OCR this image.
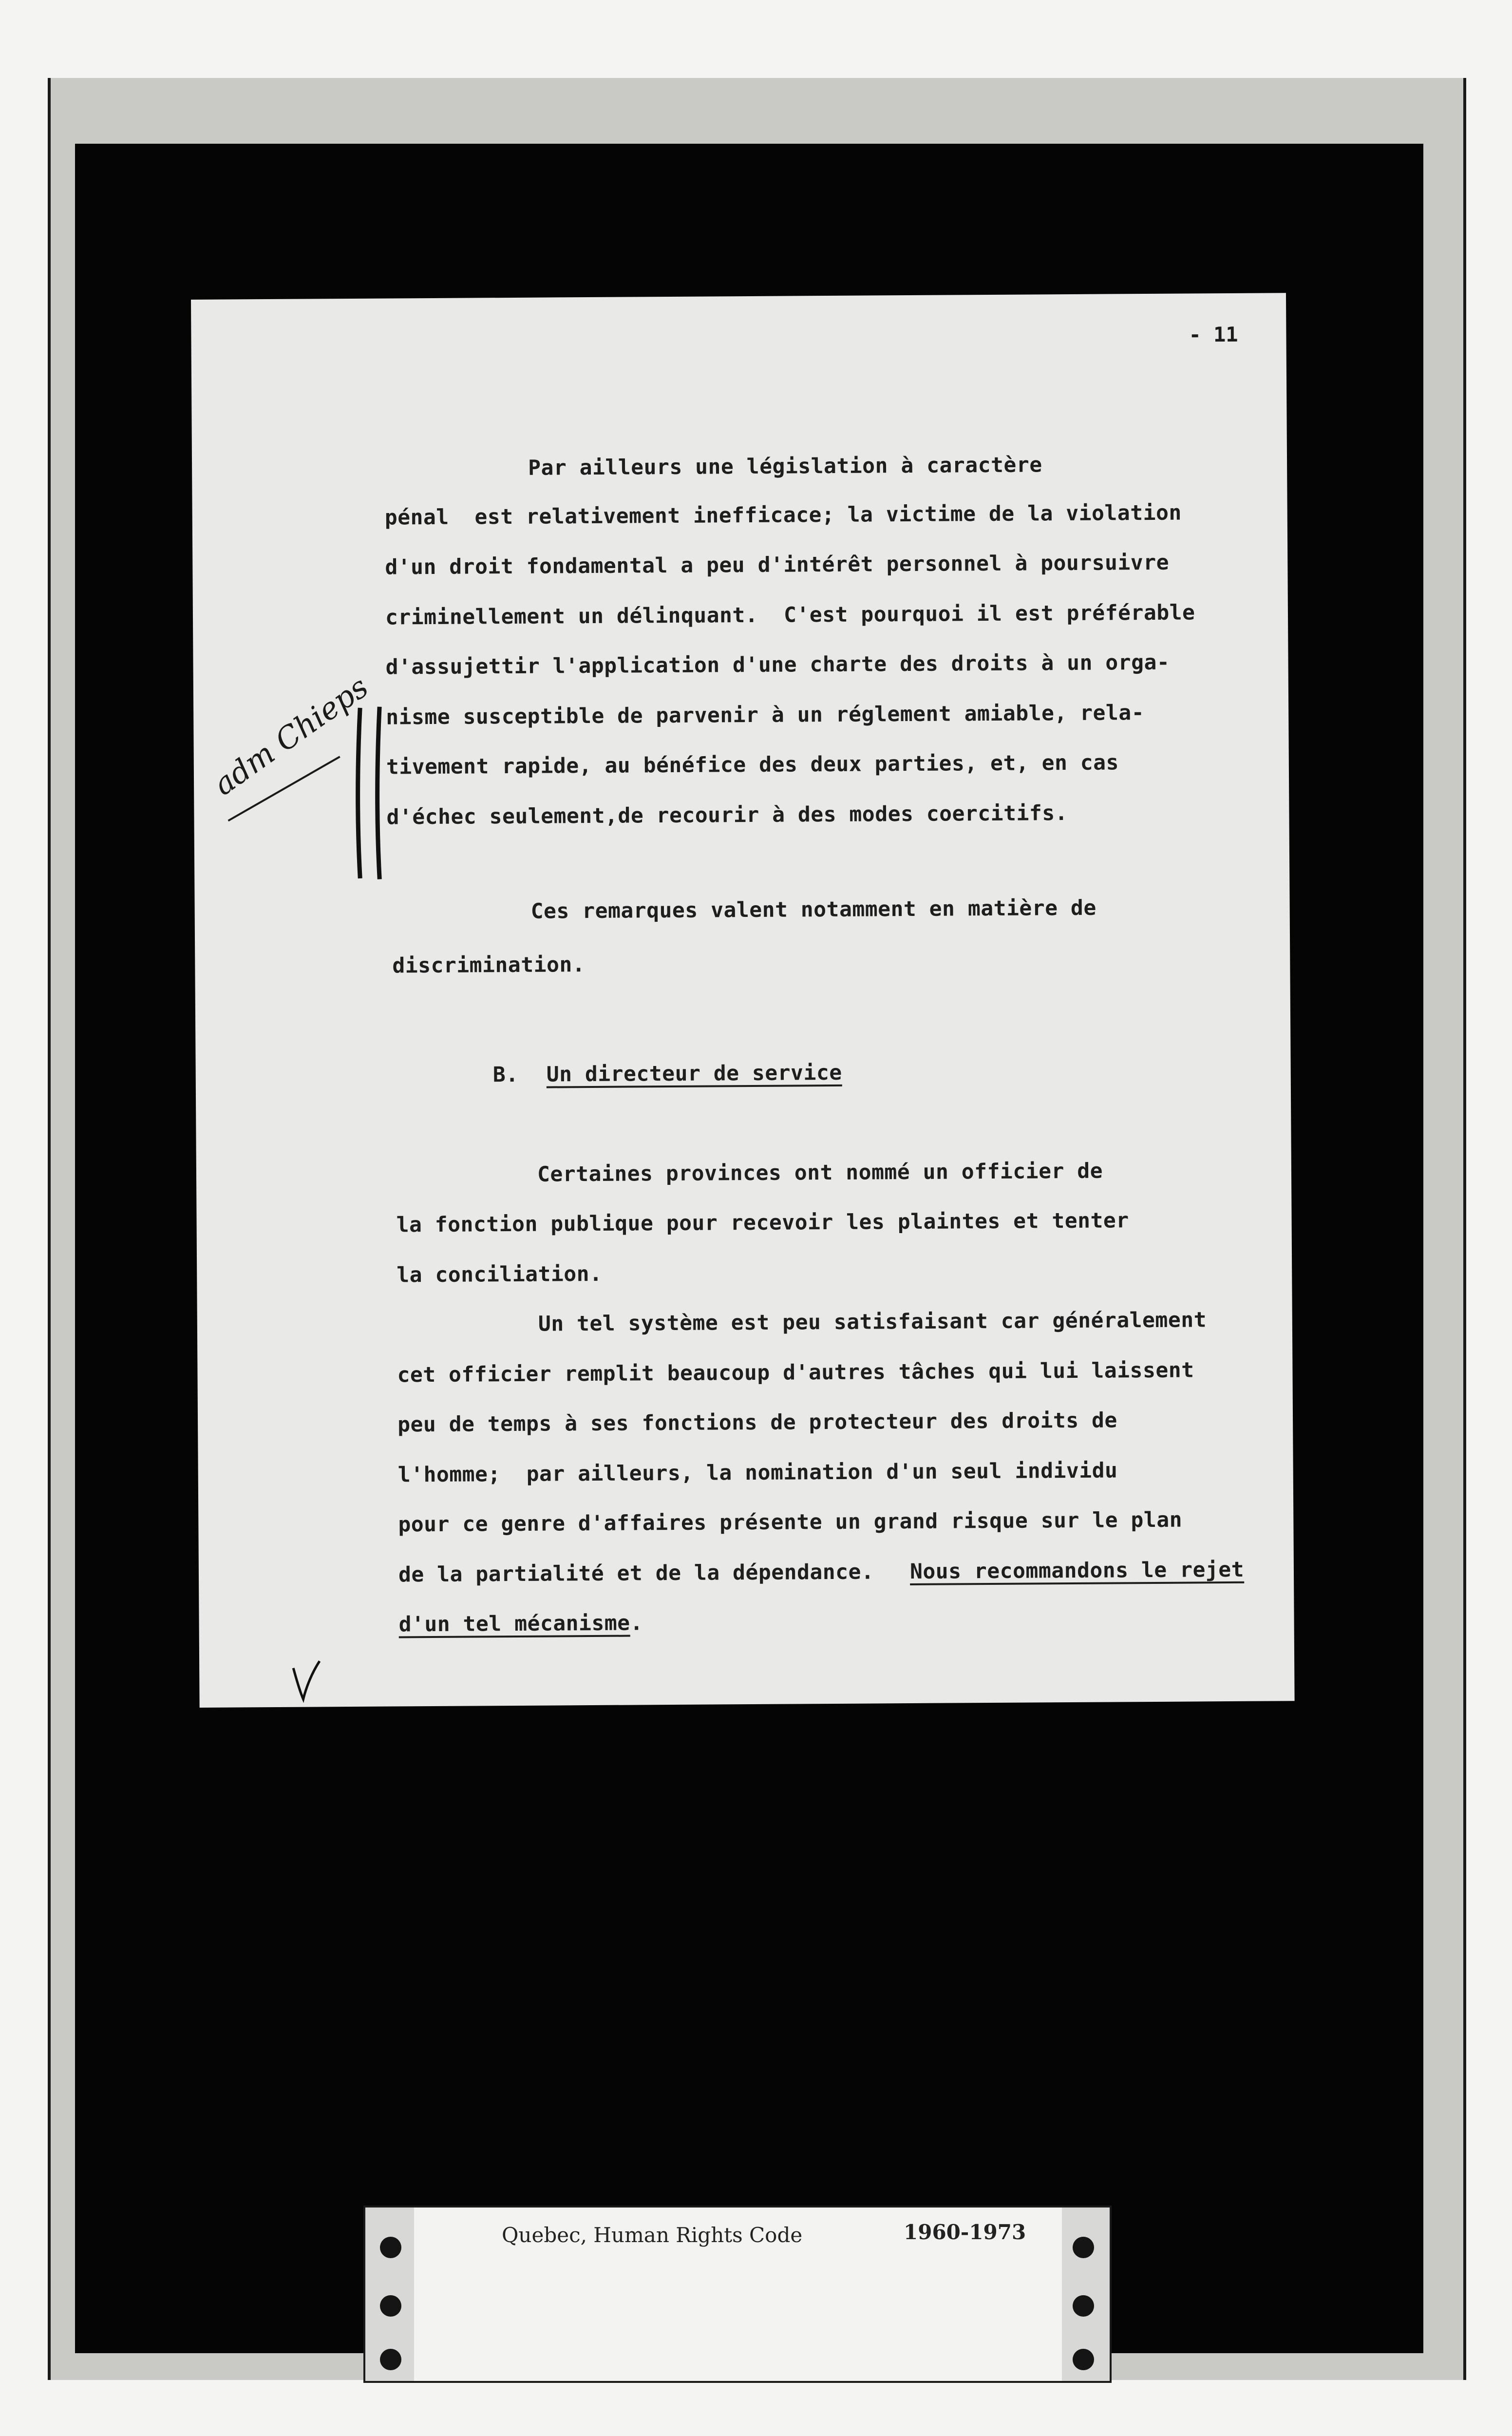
- 11
Par ailleurs une législation à caractère
pénal  est relativement inefficace; la victime de la violation
d'un droit fondamental a peu d'intérêt personnel à poursuivre
criminellement un délinquant.  C'est pourquoi il est préférable
d'assujettir l'application d'une charte des droits à un orga-
nisme susceptible de parvenir à un réglement amiable, rela-
tivement rapide, au bénéfice des deux parties, et, en cas
d'échec seulement,de recourir à des modes coercitifs.
Ces remarques valent notamment en matière de
discrimination.
B. Un directeur de service
Certaines provinces ont nommé un officier de
la fonction publique pour recevoir les plaintes et tenter
la conciliation.
Un tel système est peu satisfaisant car généralement
cet officier remplit beaucoup d'autres tâches qui lui laissent
peu de temps à ses fonctions de protecteur des droits de
l'homme;  par ailleurs, la nomination d'un seul individu
pour ce genre d'affaires présente un grand risque sur le plan
de la partialité et de la dépendance. Nous recommandons le rejet
d'un tel mécanisme .
adm Chieps
Quebec, Human Rights Code	1960-1973
